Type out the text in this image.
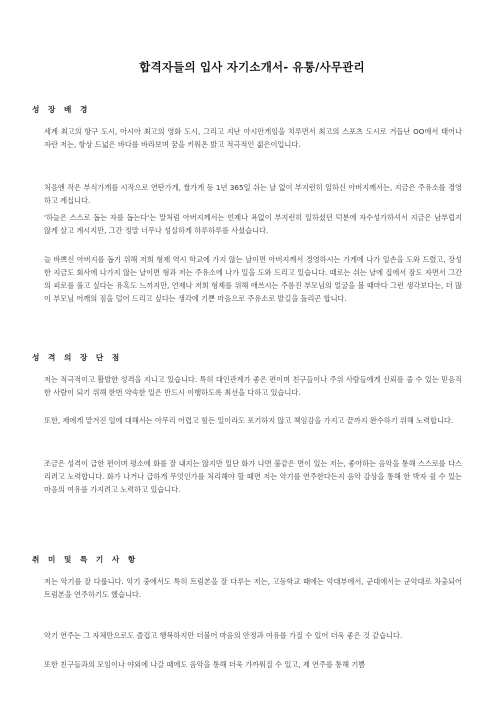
합격자들의 입사 자기소개서- 유통/사무관리
성 장 배 경

세계 최고의 항구 도시, 아시아 최고의 영화 도시, 그리고 지난 아시안게임을 치루면서 최고의 스포츠 도시로 거듭난 OO에서 태어나 자란 저는, 항상 드넓은 바다를 바라보며 꿈을 키워온 밝고 적극적인 젊은이입니다.

처음엔 작은 부식가게를 시작으로 연탄가게, 쌀가게 등 1년 365일 쉬는 날 없이 부지런히 일하신 아버지께서는, 지금은 주유소를 경영하고 계십니다.

'하늘은 스스로 돕는 자를 돕는다'는 말처럼 아버지께서는 언제나 욕없이 부지런히 일하셨던 덕분에 자수성가하셔서 지금은 남부럽지 않게 살고 계시지만, 그간 정말 너무나 성실하게 하루하루를 사셨습니다.

늘 바쁘신 아버지를 돕기 위해 저희 형제 역시 학교에 가지 않는 날이면 아버지께서 경영하시는 가게에 나가 일손을 도와 드렸고, 장성한 지금도 회사에 나가지 않는 날이면 형과 저는 주유소에 나가 일을 도와 드리고 있습니다. 때로는 쉬는 날에 집에서 잠도 자면서 그간의 피로를 풀고 싶다는 유혹도 느끼지만, 언제나 저희 형제를 위해 애쓰시는 주름진 부모님의 얼굴을 볼 때마다 그런 생각보다는, 더 많이 부모님 어깨의 짐을 덜어 드리고 싶다는 생각에 기쁜 마음으로 주유소로 발길을 돌리곤 합니다.

성 격 의 장 단 점

저는 적극적이고 활발한 성격을 지니고 있습니다. 특히 대인관계가 좋은 편이며 친구들이나 주위 사람들에게 신뢰를 줄 수 있는 믿음직한 사람이 되기 위해 한번 약속한 일은 반드시 이행하도록 최선을 다하고 있습니다.

또한, 제에게 맡겨진 일에 대해서는 아무리 어렵고 힘든 일이라도 포기하지 않고 책임감을 가지고 끝까지 완수하기 위해 노력합니다.

조금은 성격이 급한 편이며 평소에 화를 잘 내지는 않지만 일단 화가 나면 불같은 면이 있는 저는, 좋아하는 음악을 통해 스스로를 다스리려고 노력합니다. 화가 나거나 급하게 무엇인가를 처리해야 할 때면 저는 악기를 연주한다든지 음악 감상을 통해 한 박자 쉴 수 있는 마음의 여유를 가지려고 노력하고 있습니다.

취 미 및 특 기 사 항

저는 악기를 잘 다룹니다. 악기 중에서도 특히 트럼본을 잘 다루는 저는, 고등학교 때에는 악대부에서, 군대에서는 군악대로 차출되어 트럼본을 연주하기도 했습니다.

악기 연주는 그 자체만으로도 즐겁고 행복하지만 더불어 마음의 안정과 여유를 가질 수 있어 더욱 좋은 것 같습니다.

또한 친구들과의 모임이나 야외에 나갈 때에도 음악을 통해 더욱 가까워질 수 있고, 제 연주를 통해 기쁨
